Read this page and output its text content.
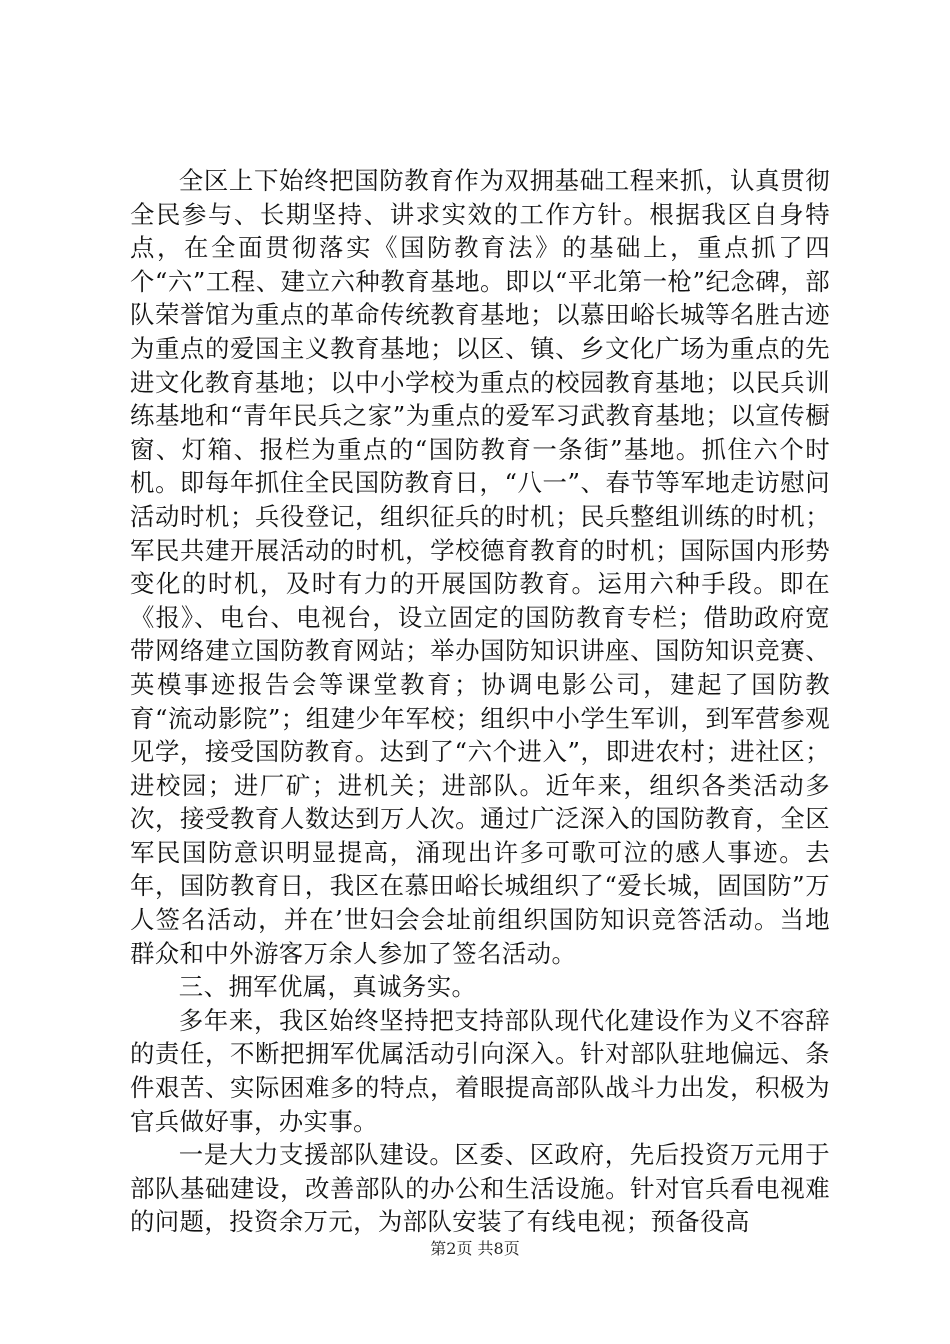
全区上下始终把国防教育作为双拥基础工程来抓，认真贯彻全民参与、长期坚持、讲求实效的工作方针。根据我区自身特点，在全面贯彻落实《国防教育法》的基础上，重点抓了四个“六”工程、建立六种教育基地。即以“平北第一枪”纪念碑，部队荣誉馆为重点的革命传统教育基地；以慕田峪长城等名胜古迹为重点的爱国主义教育基地；以区、镇、乡文化广场为重点的先进文化教育基地；以中小学校为重点的校园教育基地；以民兵训练基地和“青年民兵之家”为重点的爱军习武教育基地；以宣传橱窗、灯箱、报栏为重点的“国防教育一条街”基地。抓住六个时机。即每年抓住全民国防教育日，“八一”、春节等军地走访慰问活动时机；兵役登记，组织征兵的时机；民兵整组训练的时机；军民共建开展活动的时机，学校德育教育的时机；国际国内形势变化的时机，及时有力的开展国防教育。运用六种手段。即在《报》、电台、电视台，设立固定的国防教育专栏；借助政府宽带网络建立国防教育网站；举办国防知识讲座、国防知识竞赛、英模事迹报告会等课堂教育；协调电影公司，建起了国防教育“流动影院”；组建少年军校；组织中小学生军训，到军营参观见学，接受国防教育。达到了“六个进入”，即进农村；进社区；进校园；进厂矿；进机关；进部队。近年来，组织各类活动多次，接受教育人数达到万人次。通过广泛深入的国防教育，全区军民国防意识明显提高，涌现出许多可歌可泣的感人事迹。去年，国防教育日，我区在慕田峪长城组织了“爱长城，固国防”万人签名活动，并在’世妇会会址前组织国防知识竞答活动。当地群众和中外游客万余人参加了签名活动。

三、拥军优属，真诚务实。

多年来，我区始终坚持把支持部队现代化建设作为义不容辞的责任，不断把拥军优属活动引向深入。针对部队驻地偏远、条件艰苦、实际困难多的特点，着眼提高部队战斗力出发，积极为官兵做好事，办实事。

一是大力支援部队建设。区委、区政府，先后投资万元用于部队基础建设，改善部队的办公和生活设施。针对官兵看电视难的问题，投资余万元，为部队安装了有线电视；预备役高

第2页 共8页
